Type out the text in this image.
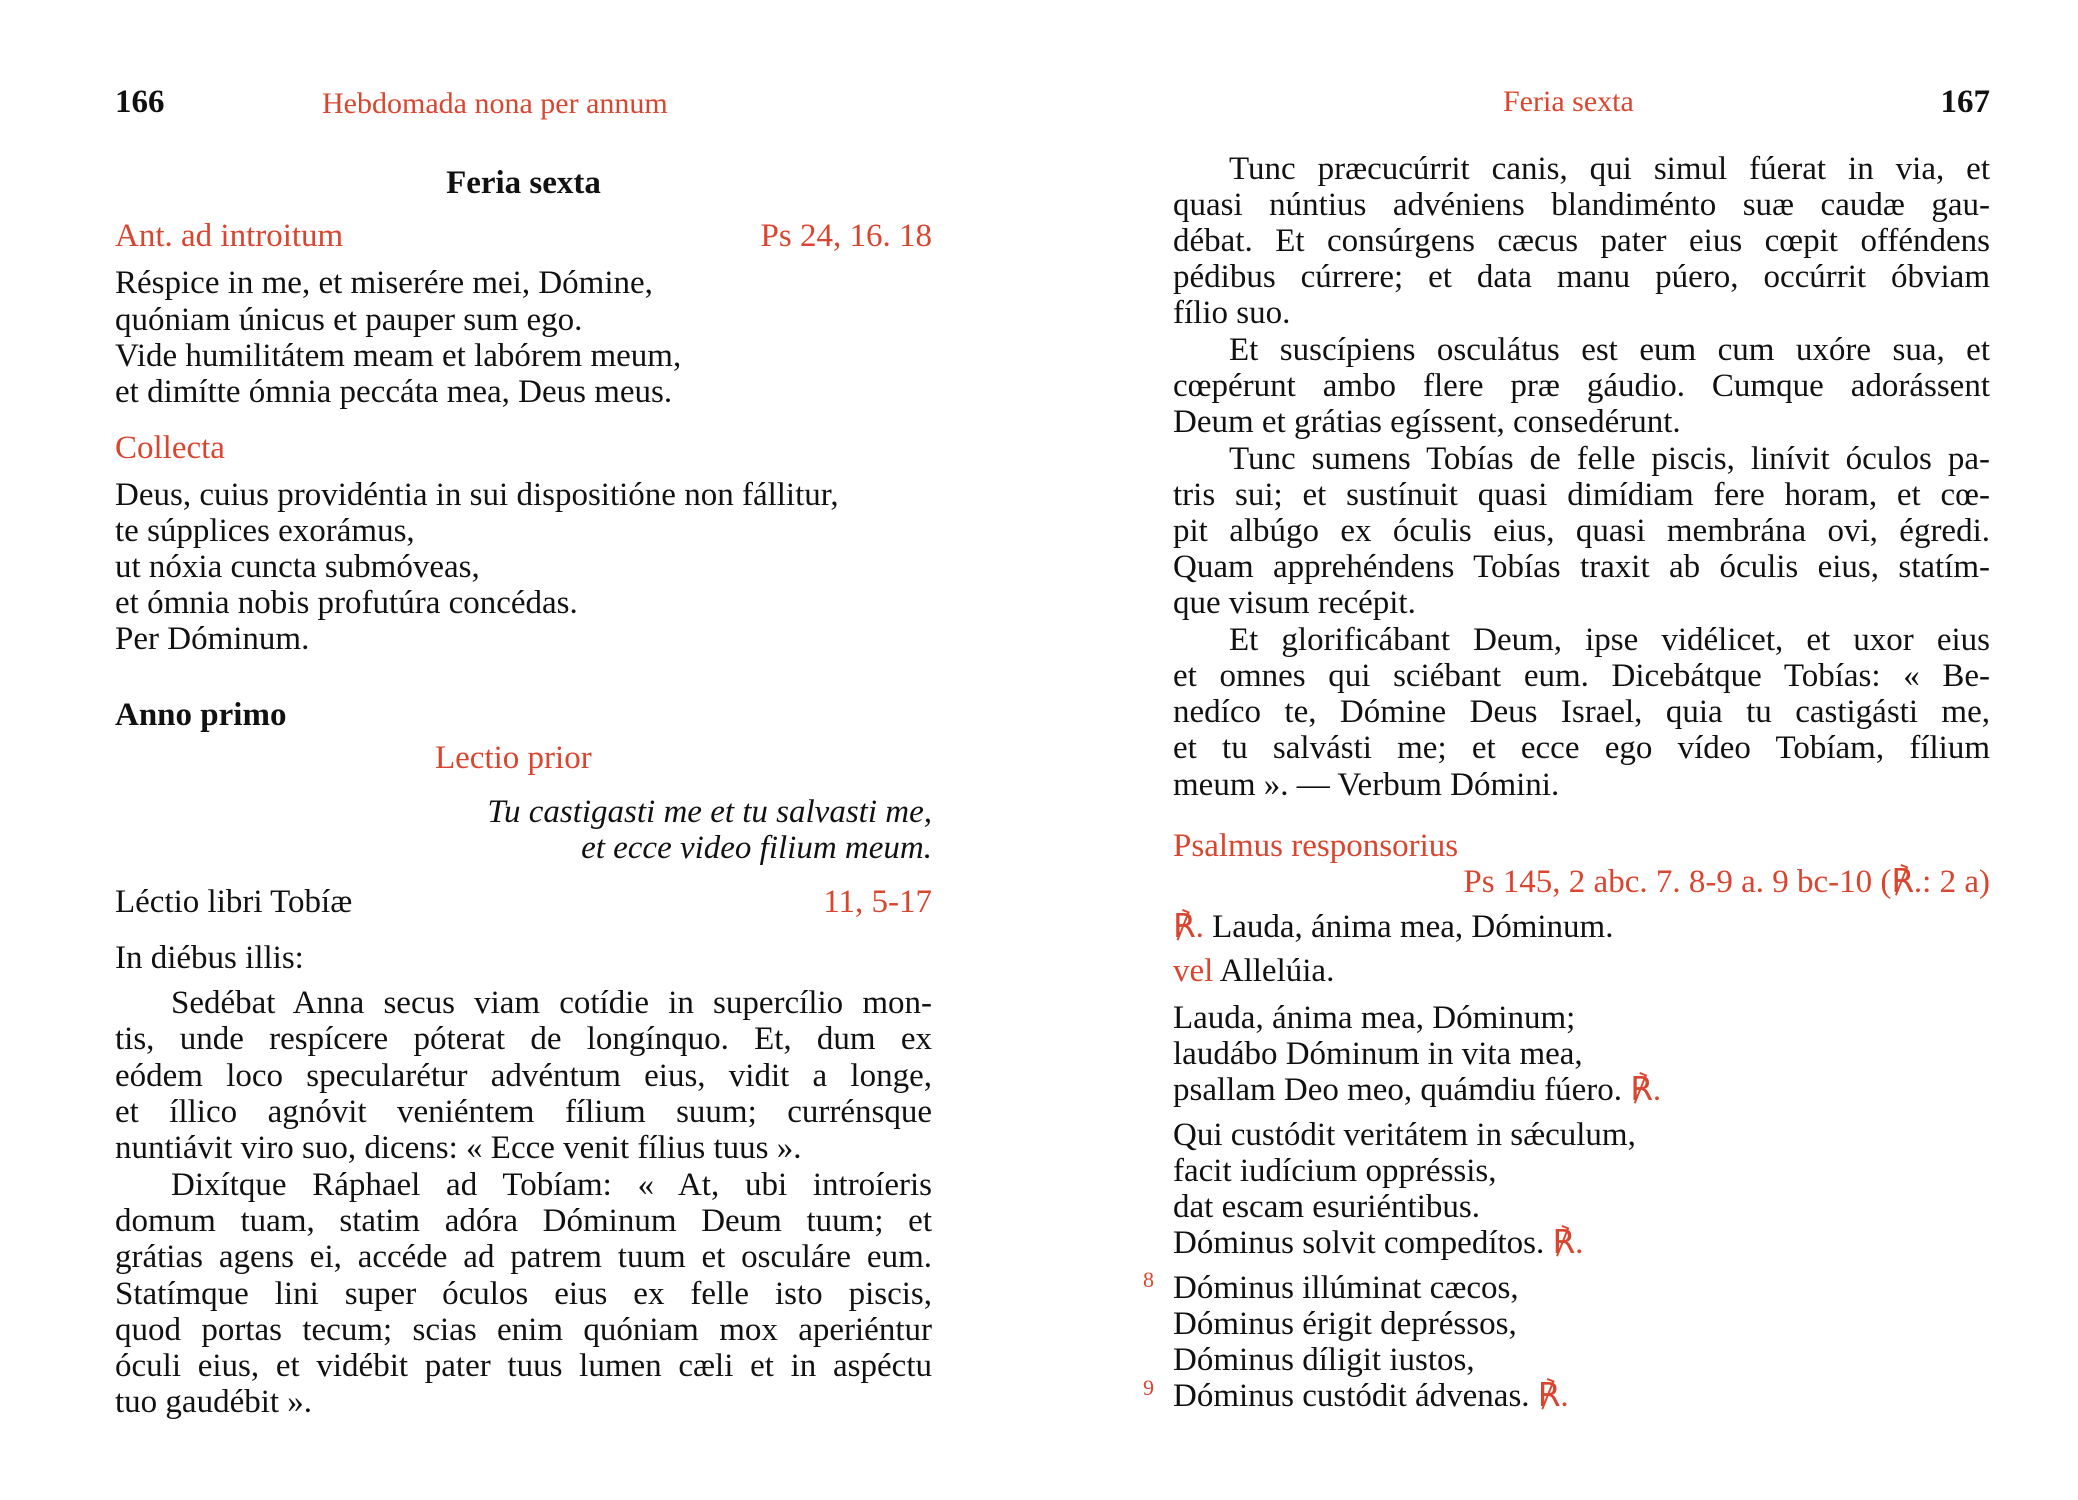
166	Hebdomada nona per annum
Feria sexta
Ant. ad introitum	Ps 24, 16. 18
Réspice in me, et miserére mei, Dómine,
quóniam únicus et pauper sum ego.
Vide humilitátem meam et labórem meum,
et dimítte ómnia peccáta mea, Deus meus.
Collecta
Deus, cuius providéntia in sui dispositióne non fállitur,
te súpplices exorámus,
ut nóxia cuncta submóveas,
et ómnia nobis profutúra concédas.
Per Dóminum.
Anno primo
Lectio prior
Tu castigasti me et tu salvasti me,
et ecce video filium meum.
Léctio libri Tobíæ	11, 5-17
In diébus illis:
Sedébat Anna secus viam cotídie in supercílio mon-
tis, unde respícere póterat de longínquo. Et, dum ex
eódem loco specularétur advéntum eius, vidit a longe,
et íllico agnóvit veniéntem fílium suum; currénsque
nuntiávit viro suo, dicens: « Ecce venit fílius tuus ».
Dixítque Ráphael ad Tobíam: « At, ubi introíeris
domum tuam, statim adóra Dóminum Deum tuum; et
grátias agens ei, accéde ad patrem tuum et osculáre eum.
Statímque lini super óculos eius ex felle isto piscis,
quod portas tecum; scias enim quóniam mox aperiéntur
óculi eius, et vidébit pater tuus lumen cæli et in aspéctu
tuo gaudébit ».
Feria sexta	167
Tunc præcucúrrit canis, qui simul fúerat in via, et
quasi núntius advéniens blandiménto suæ caudæ gau-
débat. Et consúrgens cæcus pater eius cœpit offéndens
pédibus cúrrere; et data manu púero, occúrrit óbviam
fílio suo.
Et suscípiens osculátus est eum cum uxóre sua, et
cœpérunt ambo flere præ gáudio. Cumque adorássent
Deum et grátias egíssent, consedérunt.
Tunc sumens Tobías de felle piscis, linívit óculos pa-
tris sui; et sustínuit quasi dimídiam fere horam, et cœ-
pit albúgo ex óculis eius, quasi membrána ovi, égredi.
Quam apprehéndens Tobías traxit ab óculis eius, statím-
que visum recépit.
Et glorificábant Deum, ipse vidélicet, et uxor eius
et omnes qui sciébant eum. Dicebátque Tobías: « Be-
nedíco te, Dómine Deus Israel, quia tu castigásti me,
et tu salvásti me; et ecce ego vídeo Tobíam, fílium
meum ». — Verbum Dómini.
Psalmus responsorius
Ps 145, 2 abc. 7. 8-9 a. 9 bc-10 (℟.: 2 a)
℟. Lauda, ánima mea, Dóminum.
vel Allelúia.
Lauda, ánima mea, Dóminum;
laudábo Dóminum in vita mea,
psallam Deo meo, quámdiu fúero. ℟.
Qui custódit veritátem in sǽculum,
facit iudícium oppréssis,
dat escam esuriéntibus.
Dóminus solvit compedítos. ℟.
8 Dóminus illúminat cæcos,
Dóminus érigit depréssos,
Dóminus díligit iustos,
9 Dóminus custódit ádvenas. ℟.
